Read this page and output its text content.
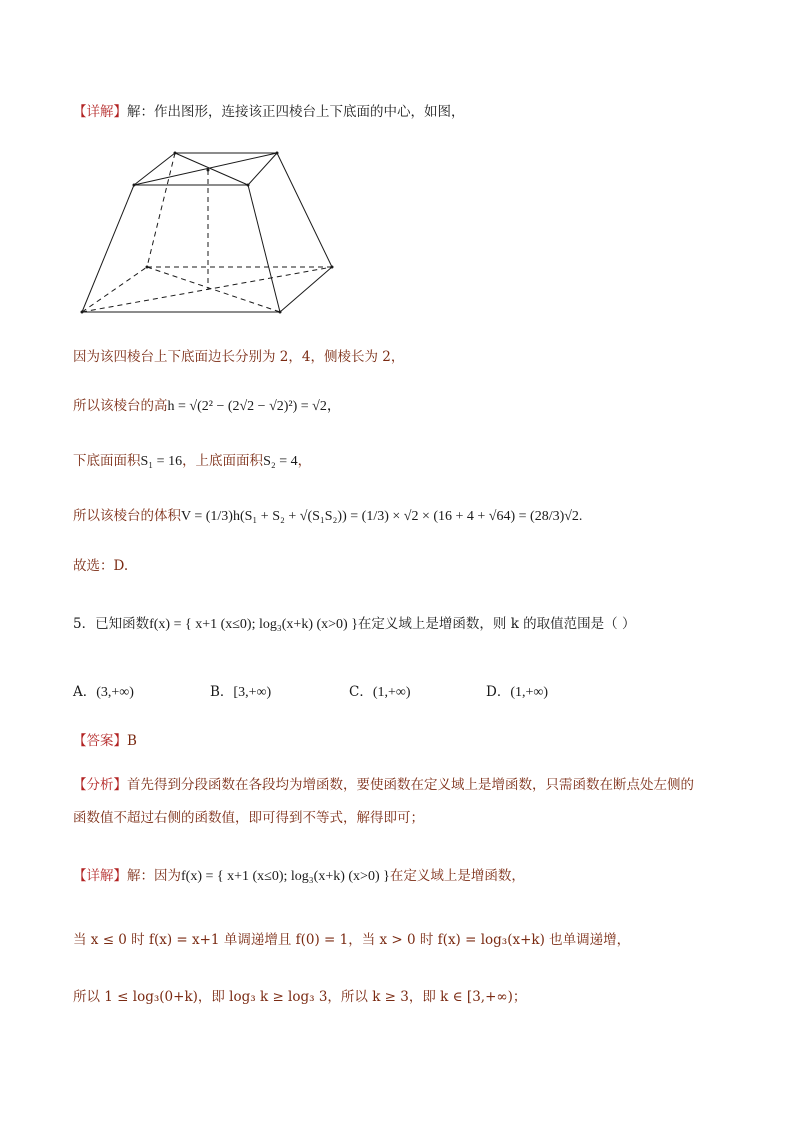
【详解】解：作出图形，连接该正四棱台上下底面的中心，如图，
因为该四棱台上下底面边长分别为 2，4，侧棱长为 2，
所以该棱台的高h = √(2² − (2√2 − √2)²) = √2，
下底面面积S₁ = 16，上底面面积S₂ = 4，
所以该棱台的体积V = (1/3)h(S₁ + S₂ + √(S₁S₂)) = (1/3) × √2 × (16 + 4 + √64) = (28/3)√2.
故选：D.
5．已知函数f(x) = { x+1 (x≤0); log₃(x+k) (x>0) }在定义域上是增函数，则 k 的取值范围是（ ）
A．(3,+∞)	B．[3,+∞)	C．(1,+∞)	D．(1,+∞)
【答案】B
【分析】首先得到分段函数在各段均为增函数，要使函数在定义域上是增函数，只需函数在断点处左侧的
函数值不超过右侧的函数值，即可得到不等式，解得即可；
【详解】解：因为f(x) = { x+1 (x≤0); log₃(x+k) (x>0) }在定义域上是增函数，
当 x ≤ 0 时 f(x) = x+1 单调递增且 f(0) = 1，当 x > 0 时 f(x) = log₃(x+k) 也单调递增，
所以 1 ≤ log₃(0+k)，即 log₃ k ≥ log₃ 3，所以 k ≥ 3，即 k ∈ [3,+∞)；
